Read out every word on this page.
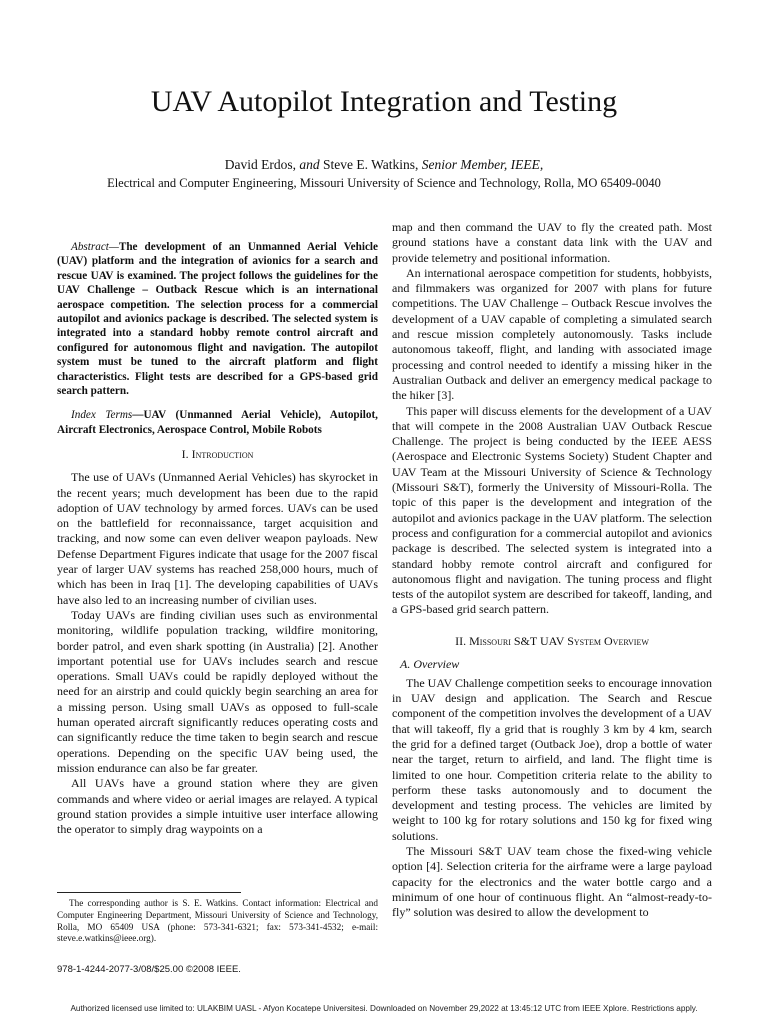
UAV Autopilot Integration and Testing
David Erdos, and Steve E. Watkins, Senior Member, IEEE,
Electrical and Computer Engineering, Missouri University of Science and Technology, Rolla, MO 65409-0040

Abstract—The development of an Unmanned Aerial Vehicle (UAV) platform and the integration of avionics for a search and rescue UAV is examined. The project follows the guidelines for the UAV Challenge – Outback Rescue which is an international aerospace competition. The selection process for a commercial autopilot and avionics package is described. The selected system is integrated into a standard hobby remote control aircraft and configured for autonomous flight and navigation. The autopilot system must be tuned to the aircraft platform and flight characteristics. Flight tests are described for a GPS-based grid search pattern.

Index Terms—UAV (Unmanned Aerial Vehicle), Autopilot, Aircraft Electronics, Aerospace Control, Mobile Robots

I. Introduction

The use of UAVs (Unmanned Aerial Vehicles) has skyrocket in the recent years; much development has been due to the rapid adoption of UAV technology by armed forces. UAVs can be used on the battlefield for reconnaissance, target acquisition and tracking, and now some can even deliver weapon payloads. New Defense Department Figures indicate that usage for the 2007 fiscal year of larger UAV systems has reached 258,000 hours, much of which has been in Iraq [1]. The developing capabilities of UAVs have also led to an increasing number of civilian uses.

Today UAVs are finding civilian uses such as environmental monitoring, wildlife population tracking, wildfire monitoring, border patrol, and even shark spotting (in Australia) [2]. Another important potential use for UAVs includes search and rescue operations. Small UAVs could be rapidly deployed without the need for an airstrip and could quickly begin searching an area for a missing person. Using small UAVs as opposed to full-scale human operated aircraft significantly reduces operating costs and can significantly reduce the time taken to begin search and rescue operations. Depending on the specific UAV being used, the mission endurance can also be far greater.

All UAVs have a ground station where they are given commands and where video or aerial images are relayed. A typical ground station provides a simple intuitive user interface allowing the operator to simply drag waypoints on a

The corresponding author is S. E. Watkins. Contact information: Electrical and Computer Engineering Department, Missouri University of Science and Technology, Rolla, MO 65409 USA (phone: 573-341-6321; fax: 573-341-4532; e-mail: steve.e.watkins@ieee.org).
978-1-4244-2077-3/08/$25.00 ©2008 IEEE.

map and then command the UAV to fly the created path. Most ground stations have a constant data link with the UAV and provide telemetry and positional information.

An international aerospace competition for students, hobbyists, and filmmakers was organized for 2007 with plans for future competitions. The UAV Challenge – Outback Rescue involves the development of a UAV capable of completing a simulated search and rescue mission completely autonomously. Tasks include autonomous takeoff, flight, and landing with associated image processing and control needed to identify a missing hiker in the Australian Outback and deliver an emergency medical package to the hiker [3].

This paper will discuss elements for the development of a UAV that will compete in the 2008 Australian UAV Outback Rescue Challenge. The project is being conducted by the IEEE AESS (Aerospace and Electronic Systems Society) Student Chapter and UAV Team at the Missouri University of Science & Technology (Missouri S&T), formerly the University of Missouri-Rolla. The topic of this paper is the development and integration of the autopilot and avionics package in the UAV platform. The selection process and configuration for a commercial autopilot and avionics package is described. The selected system is integrated into a standard hobby remote control aircraft and configured for autonomous flight and navigation. The tuning process and flight tests of the autopilot system are described for takeoff, landing, and a GPS-based grid search pattern.

II. Missouri S&T UAV System Overview
A. Overview

The UAV Challenge competition seeks to encourage innovation in UAV design and application. The Search and Rescue component of the competition involves the development of a UAV that will takeoff, fly a grid that is roughly 3 km by 4 km, search the grid for a defined target (Outback Joe), drop a bottle of water near the target, return to airfield, and land. The flight time is limited to one hour. Competition criteria relate to the ability to perform these tasks autonomously and to document the development and testing process. The vehicles are limited by weight to 100 kg for rotary solutions and 150 kg for fixed wing solutions.

The Missouri S&T UAV team chose the fixed-wing vehicle option [4]. Selection criteria for the airframe were a large payload capacity for the electronics and the water bottle cargo and a minimum of one hour of continuous flight. An “almost-ready-to-fly” solution was desired to allow the development to

Authorized licensed use limited to: ULAKBIM UASL - Afyon Kocatepe Universitesi. Downloaded on November 29,2022 at 13:45:12 UTC from IEEE Xplore. Restrictions apply.
